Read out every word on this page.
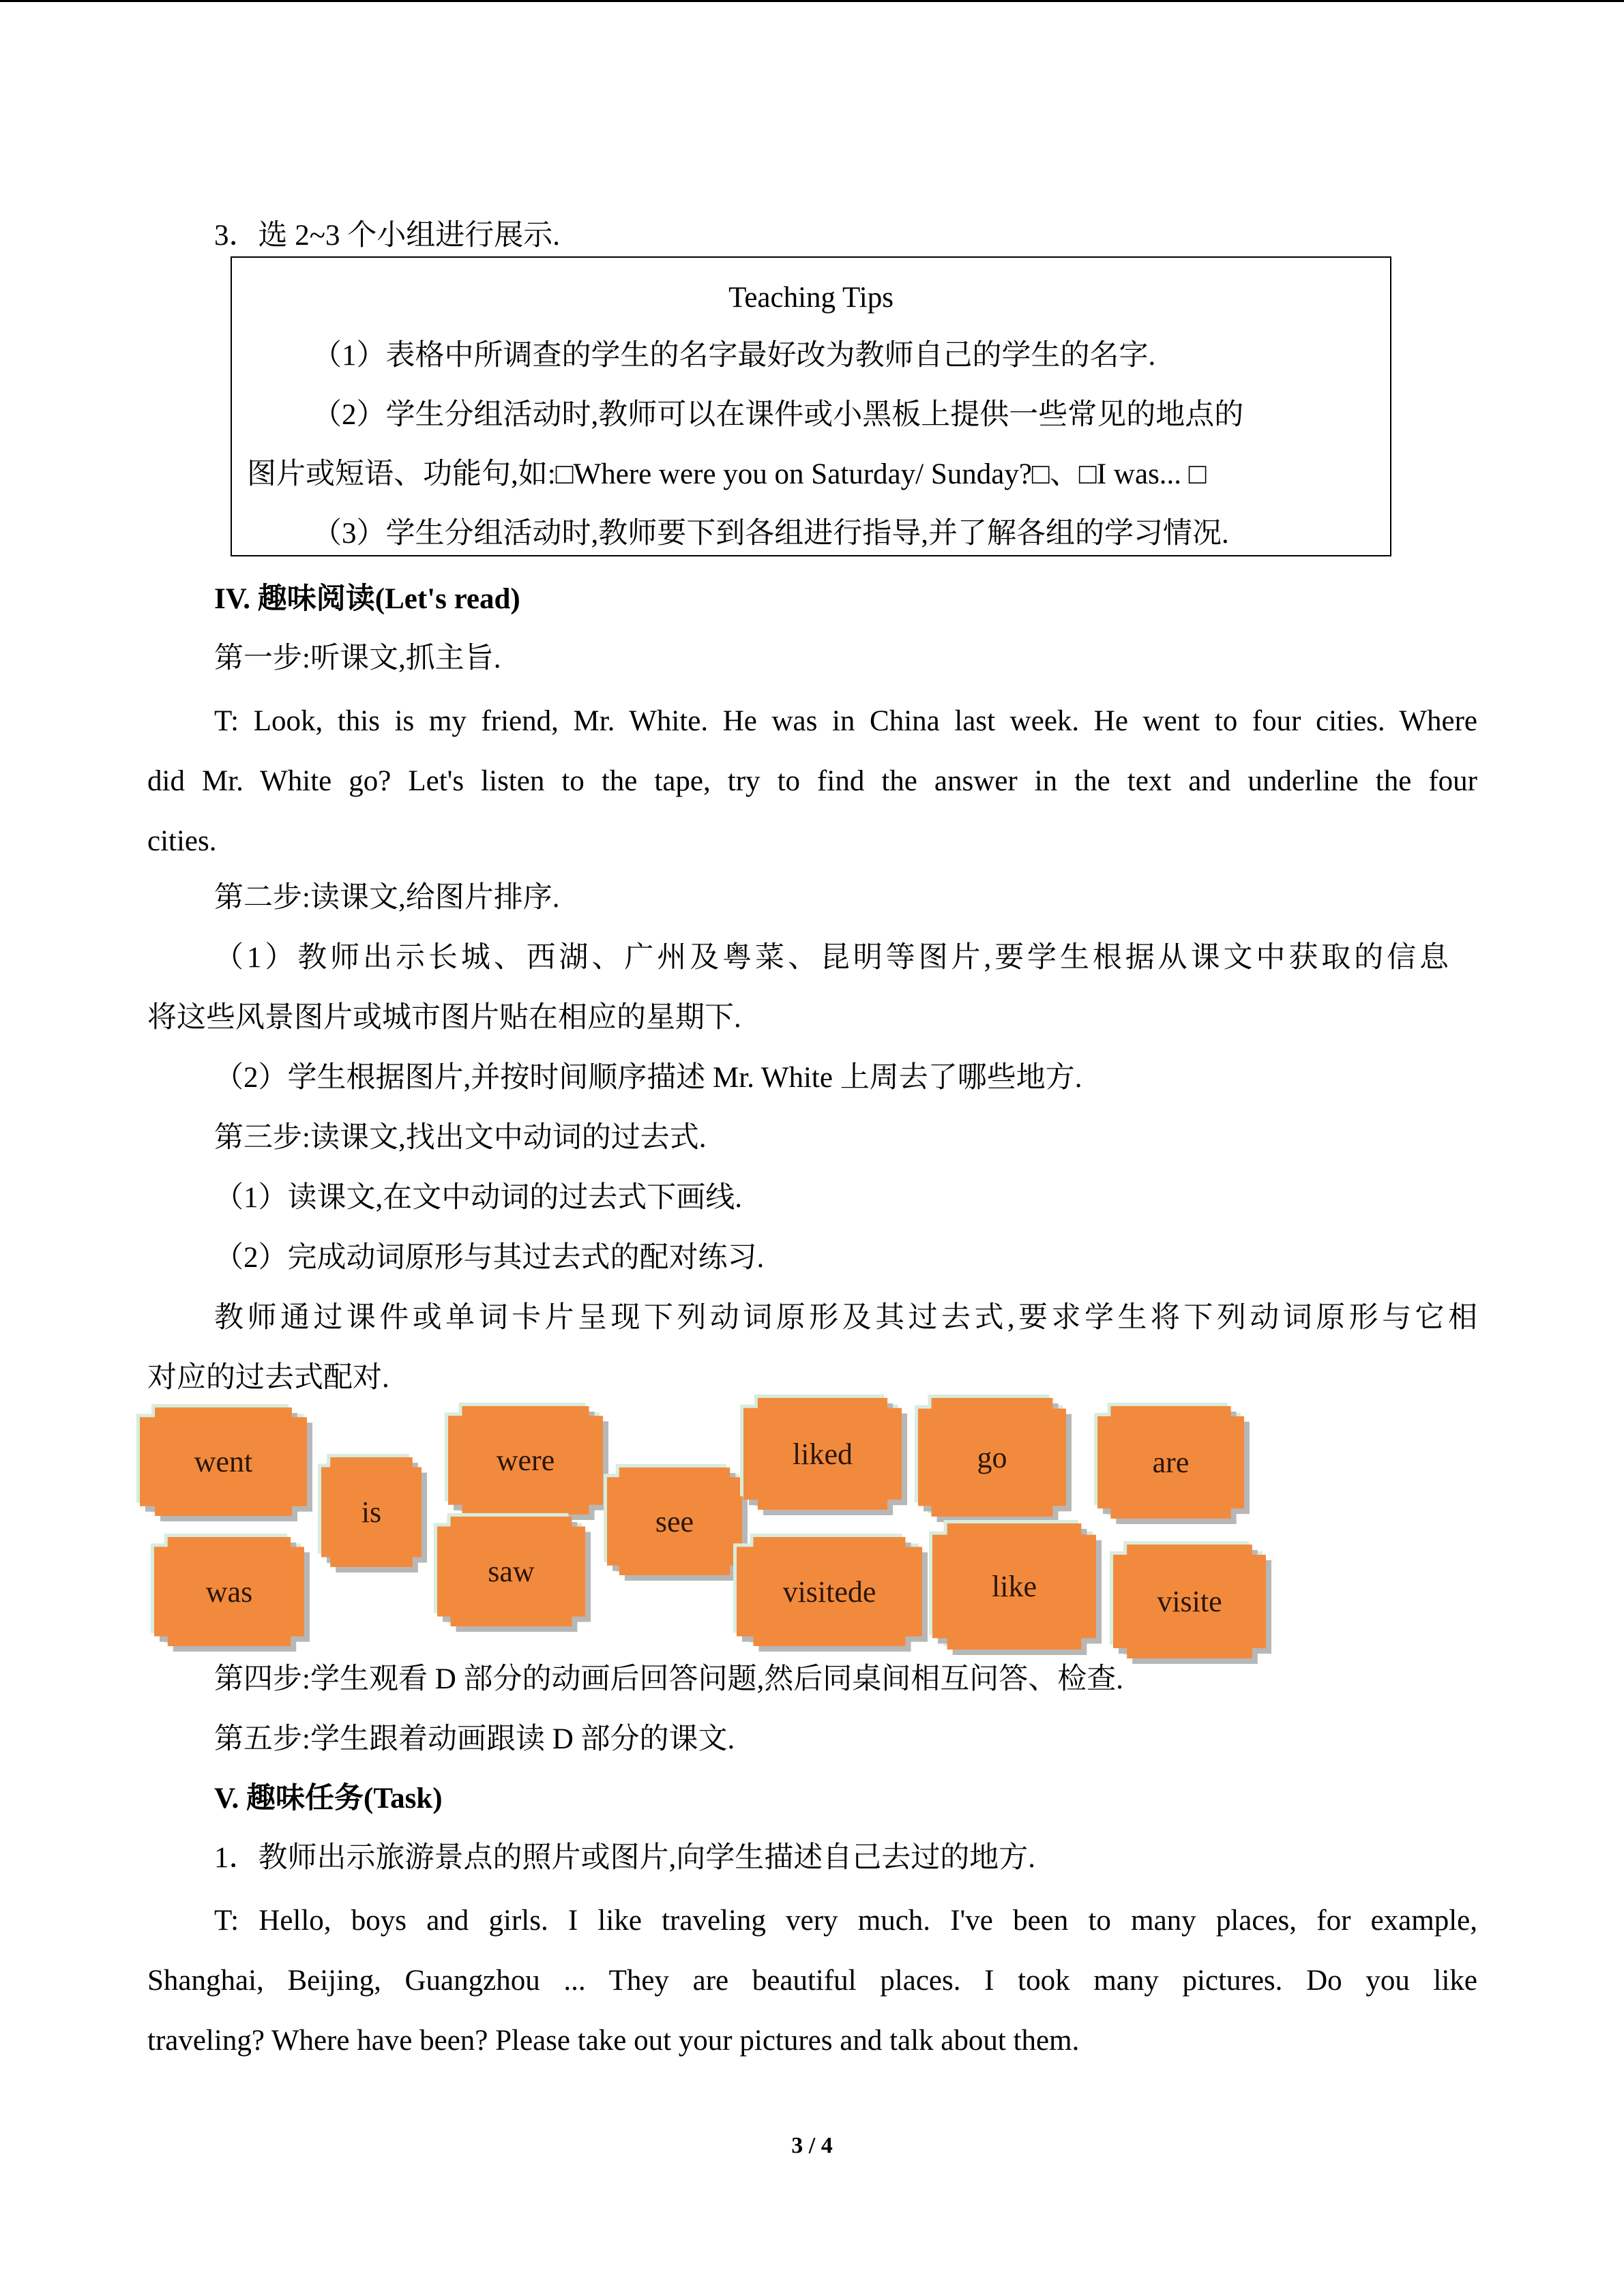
3．选 2~3 个小组进行展示.
Teaching Tips
（1）表格中所调查的学生的名字最好改为教师自己的学生的名字.
（2）学生分组活动时,教师可以在课件或小黑板上提供一些常见的地点的
图片或短语、功能句,如:□Where were you on Saturday/ Sunday?□、□I was... □
（3）学生分组活动时,教师要下到各组进行指导,并了解各组的学习情况.
IV. 趣味阅读(Let's read)
第一步:听课文,抓主旨.
T: Look, this is my friend, Mr. White. He was in China last week. He went to four cities. Where
did Mr. White go? Let's listen to the tape, try to find the answer in the text and underline the four
cities.
第二步:读课文,给图片排序.
（1）教师出示长城、西湖、广州及粤菜、昆明等图片,要学生根据从课文中获取的信息
将这些风景图片或城市图片贴在相应的星期下.
（2）学生根据图片,并按时间顺序描述 Mr. White 上周去了哪些地方.
第三步:读课文,找出文中动词的过去式.
（1）读课文,在文中动词的过去式下画线.
（2）完成动词原形与其过去式的配对练习.
教师通过课件或单词卡片呈现下列动词原形及其过去式,要求学生将下列动词原形与它相
对应的过去式配对.
went
is
were
see
liked	go	are
was
saw
visitede	like	visite
第四步:学生观看 D 部分的动画后回答问题,然后同桌间相互问答、检查.
第五步:学生跟着动画跟读 D 部分的课文.
V. 趣味任务(Task)
1．教师出示旅游景点的照片或图片,向学生描述自己去过的地方.
T: Hello, boys and girls. I like traveling very much. I've been to many places, for example,
Shanghai, Beijing, Guangzhou ... They are beautiful places. I took many pictures. Do you like
traveling? Where have been? Please take out your pictures and talk about them.
3 / 4
